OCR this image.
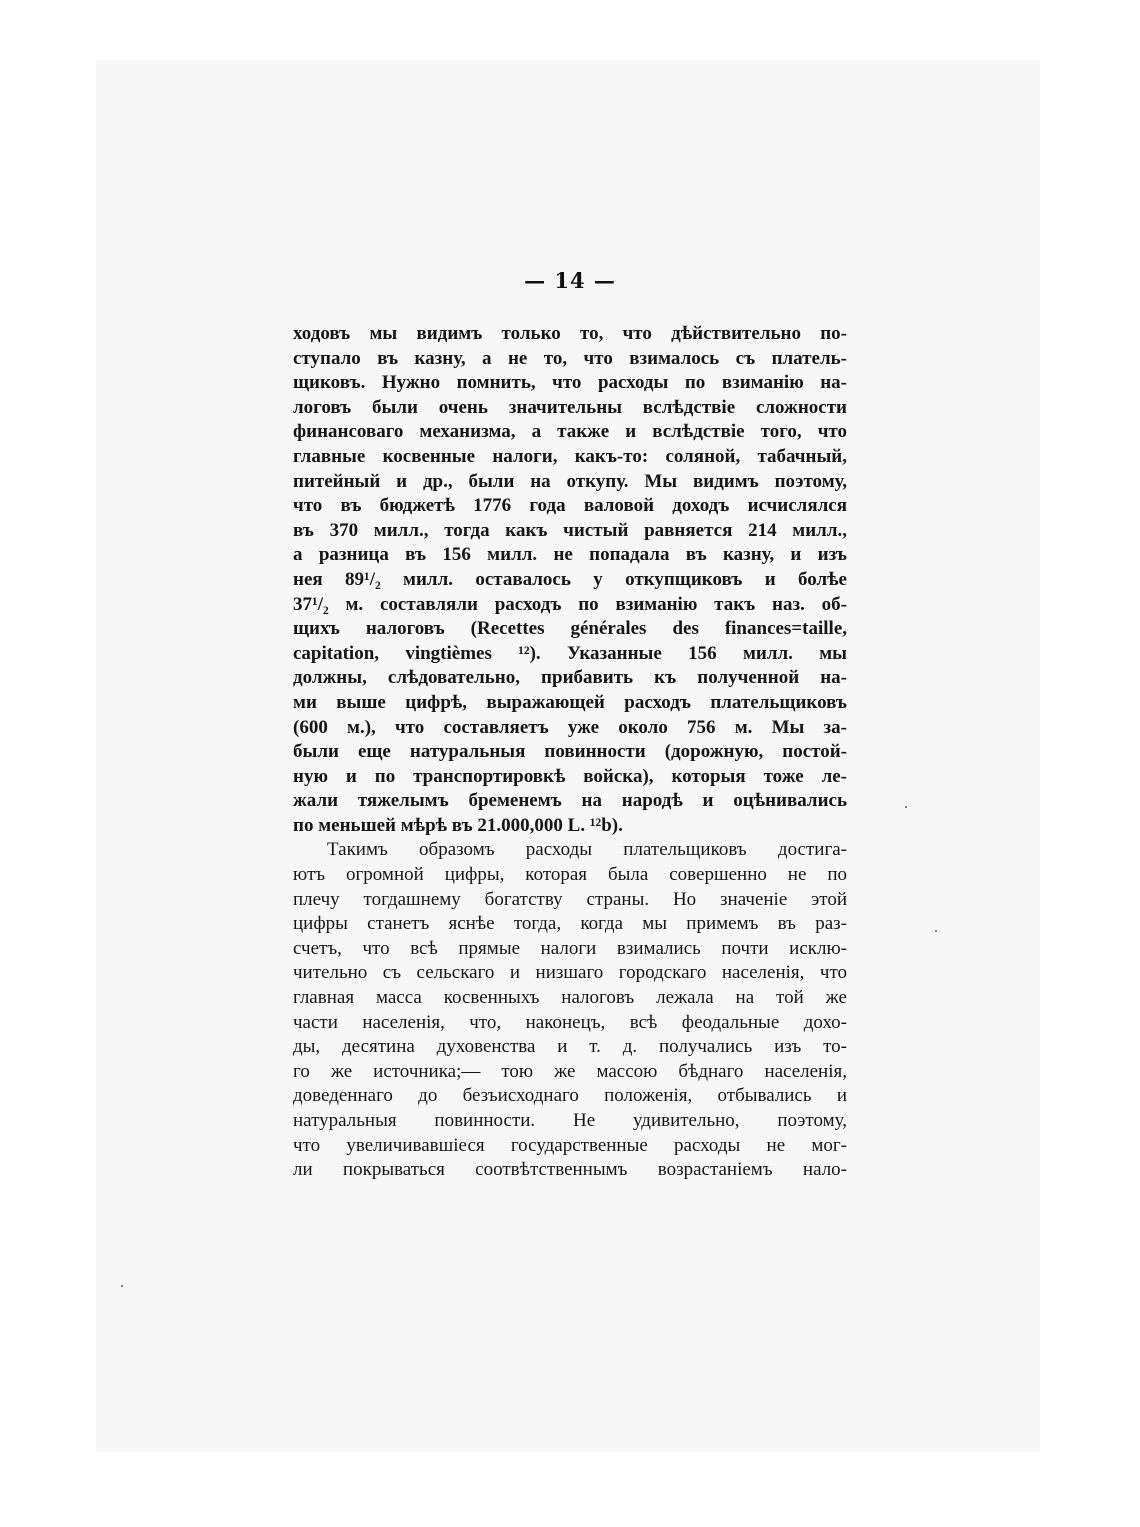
— 14 —
ходовъ мы видимъ только то, что дѣйствительно по-
ступало въ казну, а не то, что взималось съ платель-
щиковъ. Нужно помнить, что расходы по взиманію на-
логовъ были очень значительны вслѣдствіе сложности
финансоваго механизма, а также и вслѣдствіе того, что
главные косвенные налоги, какъ-то: соляной, табачный,
питейный и др., были на откупу. Мы видимъ поэтому,
что въ бюджетѣ 1776 года валовой доходъ исчислялся
въ 370 милл., тогда какъ чистый равняется 214 милл.,
а разница въ 156 милл. не попадала въ казну, и изъ
нея 89¹/₂ милл. оставалось у откупщиковъ и болѣе
37¹/₂ м. составляли расходъ по взиманію такъ наз. об-
щихъ налоговъ (Recettes générales des finances=taille,
capitation, vingtièmes ¹²). Указанные 156 милл. мы
должны, слѣдовательно, прибавить къ полученной на-
ми выше цифрѣ, выражающей расходъ плательщиковъ
(600 м.), что составляетъ уже около 756 м. Мы за-
были еще натуральныя повинности (дорожную, постой-
ную и по транспортировкѣ войска), которыя тоже ле-
жали тяжелымъ бременемъ на народѣ и оцѣнивались
по меньшей мѣрѣ въ 21.000,000 L. ¹²b).
Такимъ образомъ расходы плательщиковъ достига-
ютъ огромной цифры, которая была совершенно не по
плечу тогдашнему богатству страны. Но значеніе этой
цифры станетъ яснѣе тогда, когда мы примемъ въ раз-
счетъ, что всѣ прямые налоги взимались почти исклю-
чительно съ сельскаго и низшаго городскаго населенія, что
главная масса косвенныхъ налоговъ лежала на той же
части населенія, что, наконецъ, всѣ феодальные дохо-
ды, десятина духовенства и т. д. получались изъ то-
го же источника;— тою же массою бѣднаго населенія,
доведеннаго до безъисходнаго положенія, отбывались и
натуральныя повинности. Не удивительно, поэтому,
что увеличивавшіеся государственные расходы не мог-
ли покрываться соотвѣтственнымъ возрастаніемъ нало-
